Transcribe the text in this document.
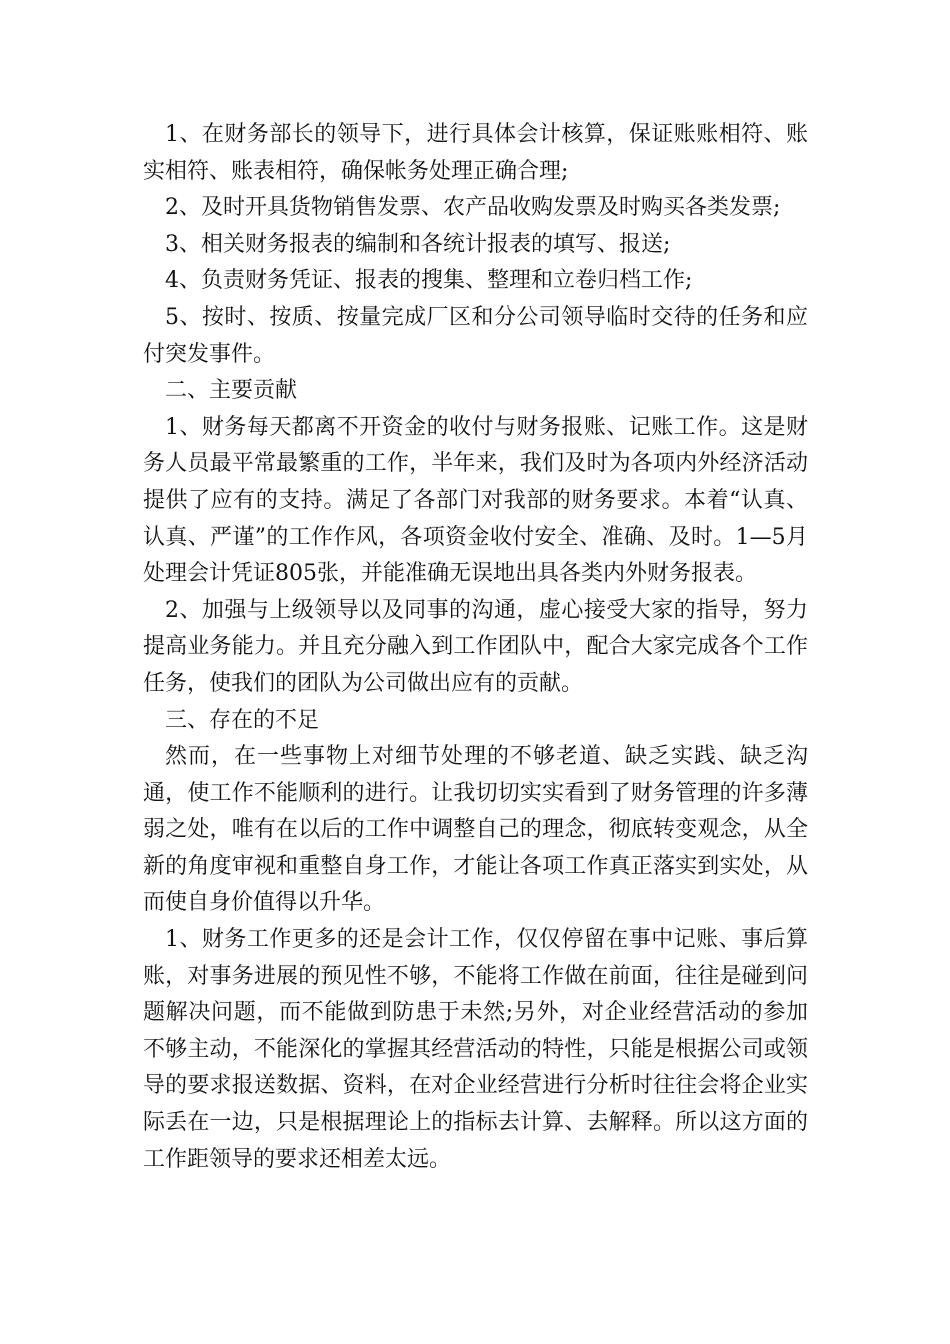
1、在财务部长的领导下，进行具体会计核算，保证账账相符、账实相符、账表相符，确保帐务处理正确合理;

2、及时开具货物销售发票、农产品收购发票及时购买各类发票;

3、相关财务报表的编制和各统计报表的填写、报送;

4、负责财务凭证、报表的搜集、整理和立卷归档工作;

5、按时、按质、按量完成厂区和分公司领导临时交待的任务和应付突发事件。

二、主要贡献

1、财务每天都离不开资金的收付与财务报账、记账工作。这是财务人员最平常最繁重的工作，半年来，我们及时为各项内外经济活动提供了应有的支持。满足了各部门对我部的财务要求。本着“认真、认真、严谨”的工作作风，各项资金收付安全、准确、及时。1—5月处理会计凭证805张，并能准确无误地出具各类内外财务报表。

2、加强与上级领导以及同事的沟通，虚心接受大家的指导，努力提高业务能力。并且充分融入到工作团队中，配合大家完成各个工作任务，使我们的团队为公司做出应有的贡献。

三、存在的不足

然而，在一些事物上对细节处理的不够老道、缺乏实践、缺乏沟通，使工作不能顺利的进行。让我切切实实看到了财务管理的许多薄弱之处，唯有在以后的工作中调整自己的理念，彻底转变观念，从全新的角度审视和重整自身工作，才能让各项工作真正落实到实处，从而使自身价值得以升华。

1、财务工作更多的还是会计工作，仅仅停留在事中记账、事后算账，对事务进展的预见性不够，不能将工作做在前面，往往是碰到问题解决问题，而不能做到防患于未然;另外，对企业经营活动的参加不够主动，不能深化的掌握其经营活动的特性，只能是根据公司或领导的要求报送数据、资料，在对企业经营进行分析时往往会将企业实际丢在一边，只是根据理论上的指标去计算、去解释。所以这方面的工作距领导的要求还相差太远。
